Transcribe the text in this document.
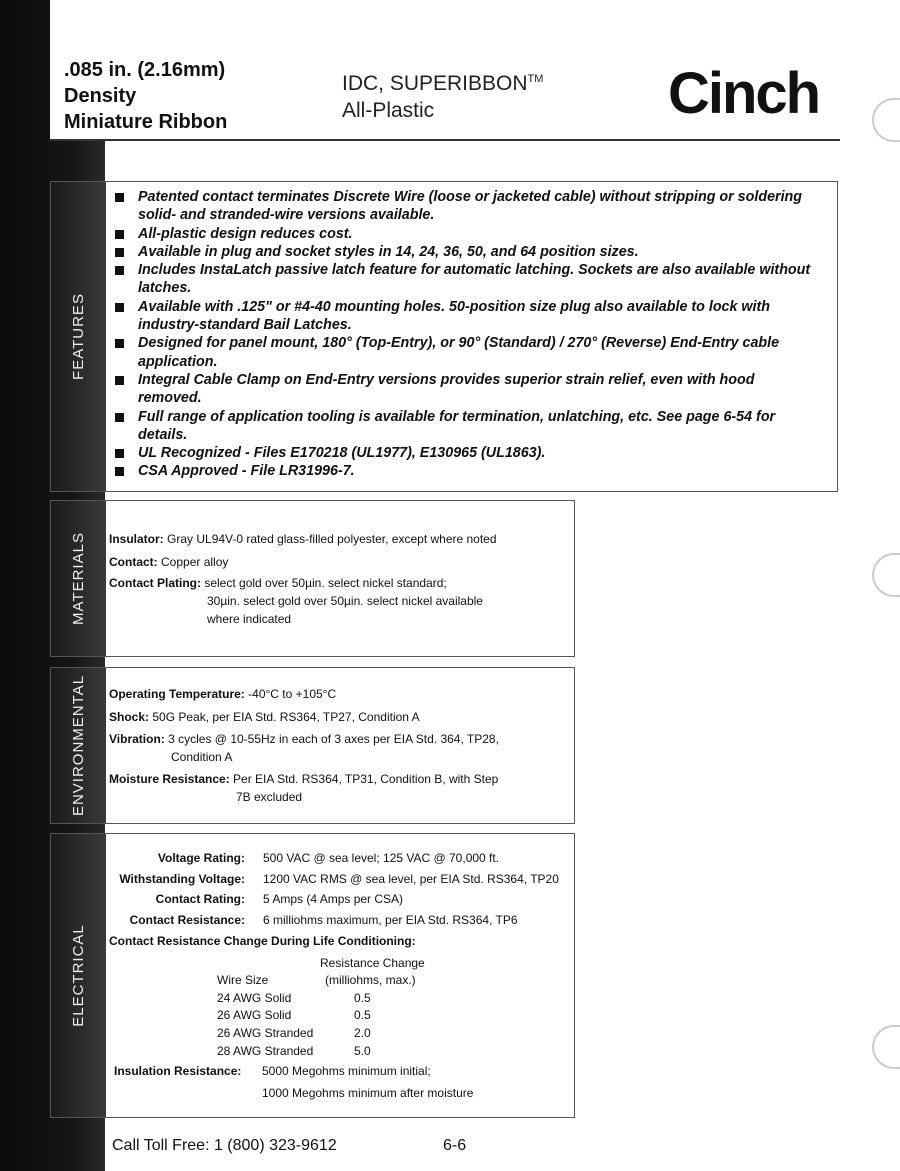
.085 in. (2.16mm)
Density
Miniature Ribbon
IDC, SUPERIBBON™
All-Plastic	Cinch
FEATURES
Patented contact terminates Discrete Wire (loose or jacketed cable) without stripping or soldering solid- and stranded-wire versions available.
All-plastic design reduces cost.
Available in plug and socket styles in 14, 24, 36, 50, and 64 position sizes.
Includes InstaLatch passive latch feature for automatic latching. Sockets are also available without latches.
Available with .125" or #4-40 mounting holes. 50-position size plug also available to lock with industry-standard Bail Latches.
Designed for panel mount, 180° (Top-Entry), or 90° (Standard) / 270° (Reverse) End-Entry cable application.
Integral Cable Clamp on End-Entry versions provides superior strain relief, even with hood removed.
Full range of application tooling is available for termination, unlatching, etc. See page 6-54 for details.
UL Recognized - Files E170218 (UL1977), E130965 (UL1863).
CSA Approved - File LR31996-7.
MATERIALS Insulator: Gray UL94V-0 rated glass-filled polyester, except where noted
Contact: Copper alloy
Contact Plating: select gold over 50µin. select nickel standard;
30µin. select gold over 50µin. select nickel available
where indicated
ENVIRONMENTAL Operating Temperature: -40°C to +105°C
Shock: 50G Peak, per EIA Std. RS364, TP27, Condition A
Vibration: 3 cycles @ 10-55Hz in each of 3 axes per EIA Std. 364, TP28,
Condition A
Moisture Resistance: Per EIA Std. RS364, TP31, Condition B, with Step
7B excluded
ELECTRICAL
Voltage Rating: 500 VAC @ sea level; 125 VAC @ 70,000 ft.
Withstanding Voltage: 1200 VAC RMS @ sea level, per EIA Std. RS364, TP20
Contact Rating: 5 Amps (4 Amps per CSA)
Contact Resistance: 6 milliohms maximum, per EIA Std. RS364, TP6
Contact Resistance Change During Life Conditioning:
Resistance Change
Wire Size	(milliohms, max.)
24 AWG Solid	0.5
26 AWG Solid	0.5
26 AWG Stranded	2.0
28 AWG Stranded	5.0
Insulation Resistance: 5000 Megohms minimum initial;
1000 Megohms minimum after moisture
Call Toll Free: 1 (800) 323-9612	6-6
